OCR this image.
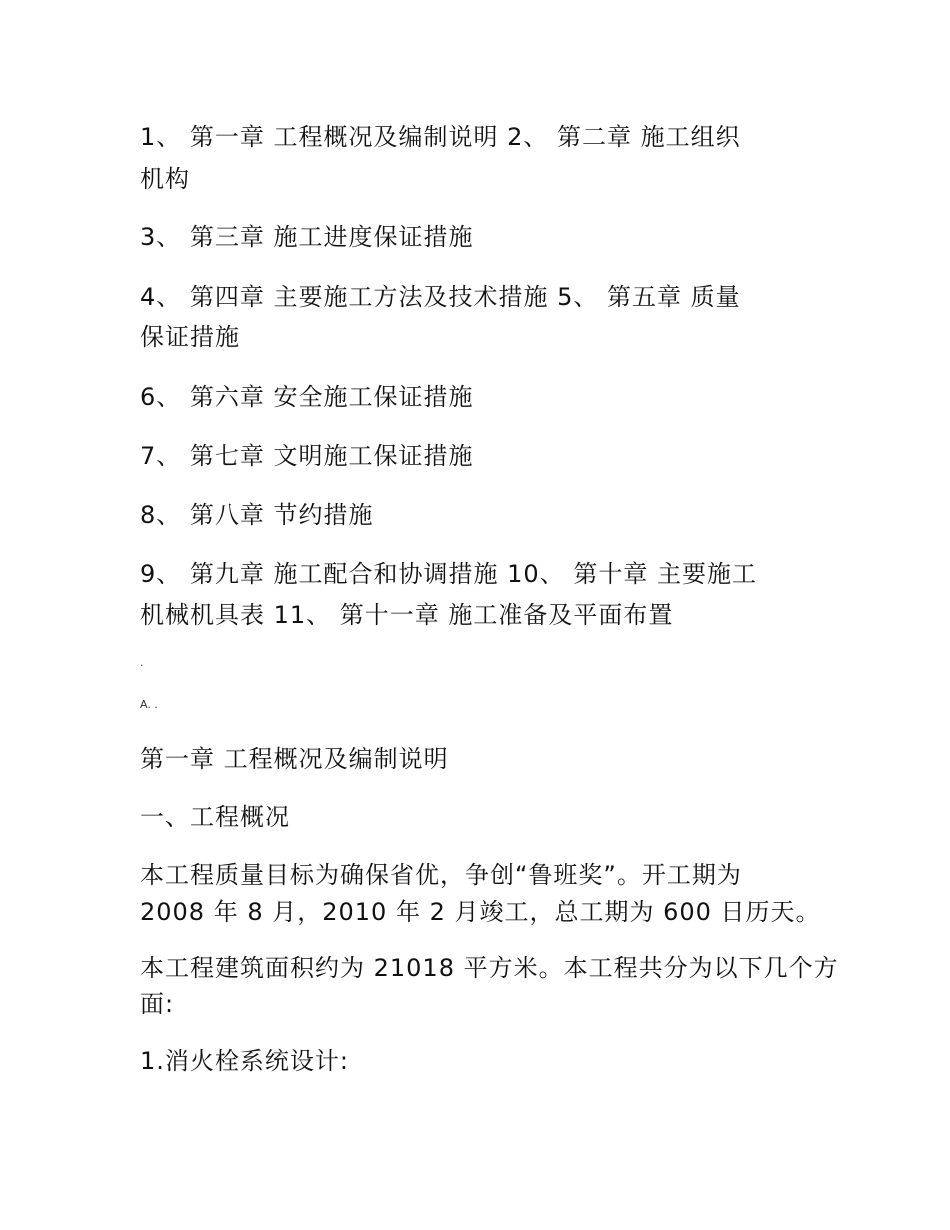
1、 第一章 工程概况及编制说明 2、 第二章 施工组织
机构
3、 第三章 施工进度保证措施
4、 第四章 主要施工方法及技术措施 5、 第五章 质量
保证措施
6、 第六章 安全施工保证措施
7、 第七章 文明施工保证措施
8、 第八章 节约措施
9、 第九章 施工配合和协调措施 10、 第十章 主要施工
机械机具表 11、 第十一章 施工准备及平面布置
.
A. .
第一章 工程概况及编制说明
一、工程概况
本工程质量目标为确保省优，争创“鲁班奖”。开工期为
2008 年 8 月，2010 年 2 月竣工，总工期为 600 日历天。
本工程建筑面积约为 21018 平方米。本工程共分为以下几个方
面:
1.消火栓系统设计:
